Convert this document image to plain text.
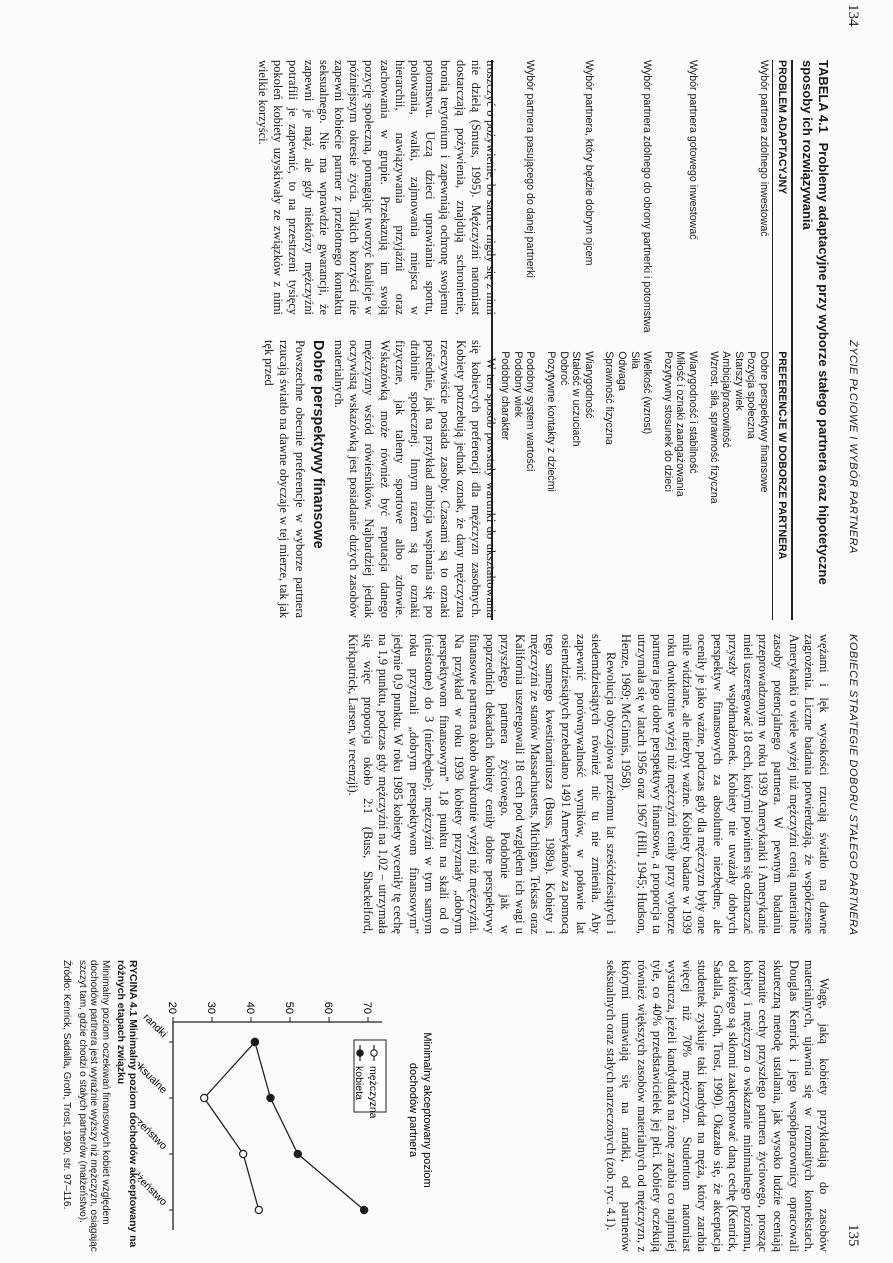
134
ŻYCIE PŁCIOWE I WYBÓR PARTNERA
TABELA 4.1 Problemy adaptacyjne przy wyborze stałego partnera oraz hipotetyczne sposoby ich rozwiązywania
PROBLEM ADAPTACYJNY	PREFERENCJE W DOBORZE PARTNERA
Wybór partnera zdolnego inwestować	Dobre perspektywy finansowe
Pozycja społeczna
Starszy wiek
Ambicja/pracowitość
Wzrost, siła, sprawność fizyczna

Wybór partnera gotowego inwestować	Wiarygodność i stabilność
Miłość i oznaki zaangażowania
Pozytywny stosunek do dzieci

Wybór partnera zdolnego do obrony partnerki i potomstwa	Wielkość (wzrost)
Siła
Odwaga
Sprawność fizyczna

Wybór partnera, który będzie dobrym ojcem	Wiarygodność
Stałość w uczuciach
Dobroć
Pozytywne kontakty z dziećmi

Wybór partnera pasującego do danej partnerki	Podobny system wartości
Podobny wiek
Podobny charakter

troszczyć o pożywienie, bo samce nigdy się z nimi nie dzielą (Smuts, 1995). Mężczyźni natomiast dostarczają pożywienia, znajdują schronienie, bronią terytorium i zapewniają ochronę swojemu potomstwu. Uczą dzieci uprawiania sportu, polowania, walki, zajmowania miejsca w hierarchii, nawiązywania przyjaźni oraz zachowania w grupie. Przekazują im swoją pozycję społeczną, pomagając tworzyć koalicje w późniejszym okresie życia. Takich korzyści nie zapewni kobiecie partner z przelotnego kontaktu seksualnego. Nie ma wprawdzie gwarancji, że zapewni je mąż, ale gdy niektórzy mężczyźni potrafili je zapewnić, to na przestrzeni tysięcy pokoleń kobiety uzyskiwały ze związków z nimi wielkie korzyści.

W ten sposób powstały warunki do ukształtowania się kobiecych preferencji dla mężczyzn zasobnych. Kobiety potrzebują jednak oznak, że dany mężczyzna rzeczywiście posiada zasoby. Czasami są to oznaki pośrednie, jak na przykład ambicja wspinania się po drabinie społecznej. Innym razem są to oznaki fizyczne, jak talenty sportowe albo zdrowie. Wskazówką może również być reputacja danego mężczyzny wśród rówieśników. Najbardziej jednak oczywistą wskazówką jest posiadanie dużych zasobów materialnych.

Dobre perspektywy finansowe

Powszechne obecnie preferencje w wyborze partnera rzucają światło na dawne obyczaje w tej mierze, tak jak tęk przed

KOBIECE STRATEGIE DOBORU STAŁEGO PARTNERA
135

wężami i lęk wysokości rzucają światło na dawne zagrożenia. Liczne badania potwierdzają, że współczesne Amerykanki o wiele wyżej niż mężczyźni cenią materialne zasoby potencjalnego partnera. W pewnym badaniu przeprowadzonym w roku 1939 Amerykanki i Amerykanie mieli uszeregować 18 cech, którymi powinien się odznaczać przyszły współmałżonek. Kobiety nie uważały dobrych perspektyw finansowych za absolutnie niezbędne, ale oceniły je jako ważne, podczas gdy dla mężczyzn były one mile widziane, ale niezbyt ważne. Kobiety badane w 1939 roku dwukrotnie wyżej niż mężczyźni ceniły przy wyborze partnera jego dobre perspektywy finansowe, a proporcja ta utrzymała się w latach 1956 oraz 1967 (Hill, 1945; Hudson, Henze, 1969; McGinnis, 1958).

Rewolucja obyczajowa przełomu lat sześćdziesiątych i siedemdziesiątych również nic tu nie zmieniła. Aby zapewnić porównywalność wyników, w połowie lat osiemdziesiątych przebadano 1491 Amerykanów za pomocą tego samego kwestionariusza (Buss, 1989a). Kobiety i mężczyźni ze stanów Massachusetts, Michigan, Teksas oraz Kalifornia uszeregowali 18 cech pod względem ich wagi u przyszłego partnera życiowego. Podobnie jak w poprzednich dekadach kobiety ceniły dobre perspektywy finansowe partnera około dwukrotnie wyżej niż mężczyźni. Na przykład w roku 1939 kobiety przyznały „dobrym perspektywom finansowym” 1,8 punktu na skali od 0 (nieistotne) do 3 (niezbędne); mężczyźni w tym samym roku przyznali „dobrym perspektywom finansowym” jedynie 0,9 punktu. W roku 1985 kobiety wyceniły tę cechę na 1,9 punktu, podczas gdy mężczyźni na 1,02 – utrzymała się więc proporcja około 2:1 (Buss, Shackelford, Kirkpatrick, Larsen, w recenzji).

Wagę, jaką kobiety przykładają do zasobów materialnych, ujawnia się w rozmaitych kontekstach. Douglas Kenrick i jego współpracownicy opracowali skuteczną metodę ustalania, jak wysoko ludzie oceniają rozmaite cechy przyszłego partnera życiowego, prosząc kobiety i mężczyzn o wskazanie minimalnego poziomu, od którego są skłonni zaakceptować daną cechę (Kenrick, Sadalla, Groth, Trost, 1990). Okazało się, że akceptacja studentek zyskuje taki kandydat na męża, który zarabia więcej niż 70% mężczyzn. Studentom natomiast wystarcza, jeżeli kandydatka na żonę zarabia co najmniej tyle, co 40% przedstawicielek jej płci. Kobiety oczekują również większych zasobów materialnych od mężczyzn, z którymi umawiają się na randki, od partnerów seksualnych oraz stałych narzeczonych (zob. ryc. 4.1).

Minimalny akceptowany poziom
dochodów partnera
20 30 40 50 60 70
randki
seksualne
narzeczeństwo
małżeństwo
mężczyzna
kobieta
RYCINA 4.1 Minimalny poziom dochodów akceptowany na różnych etapach związku
Minimalny poziom oczekiwań finansowych kobiet względem dochodów partnera jest wyraźnie wyższy niż mężczyzn, osiągając szczyt tam, gdzie chodzi o stałych partnerów (małżeństwo).
Źródło: Kenrick, Sadalla, Groth, Trost, 1990, str. 97–116.
